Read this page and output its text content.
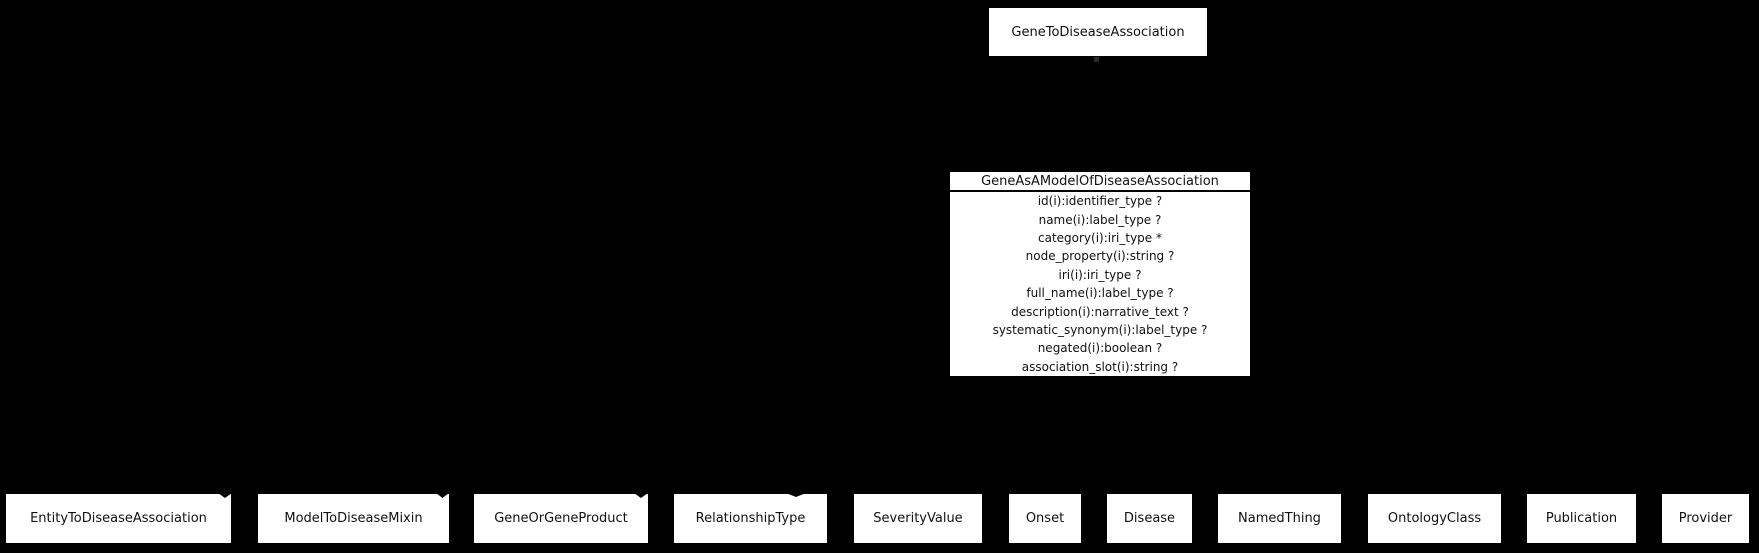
GeneToDiseaseAssociation
GeneAsAModelOfDiseaseAssociation
id(i):identifier_type ?
name(i):label_type ?
category(i):iri_type *
node_property(i):string ?
iri(i):iri_type ?
full_name(i):label_type ?
description(i):narrative_text ?
systematic_synonym(i):label_type ?
negated(i):boolean ?
association_slot(i):string ?
EntityToDiseaseAssociation	ModelToDiseaseMixin	GeneOrGeneProduct	RelationshipType	SeverityValue	Onset	Disease	NamedThing	OntologyClass	Publication	Provider
